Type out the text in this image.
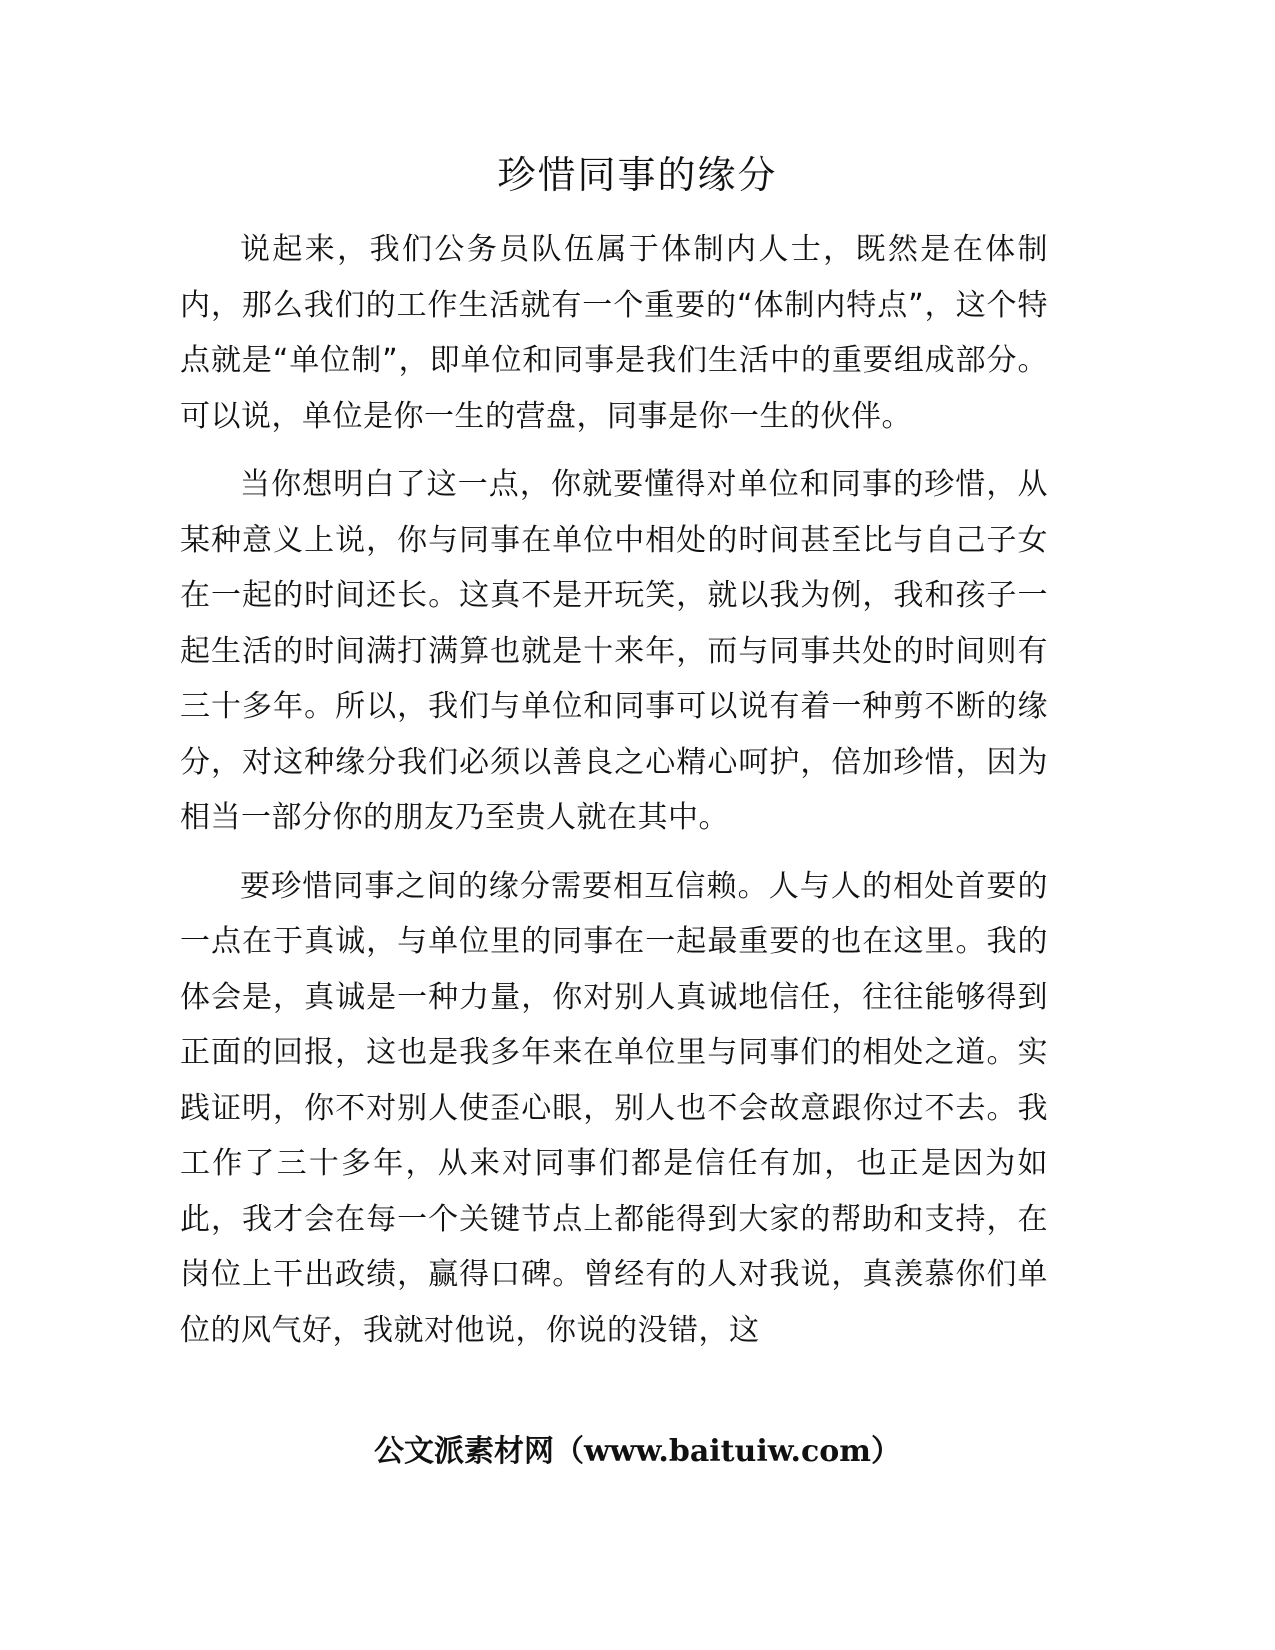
珍惜同事的缘分

说起来，我们公务员队伍属于体制内人士，既然是在体制内，那么我们的工作生活就有一个重要的“体制内特点”，这个特点就是“单位制”，即单位和同事是我们生活中的重要组成部分。可以说，单位是你一生的营盘，同事是你一生的伙伴。

当你想明白了这一点，你就要懂得对单位和同事的珍惜，从某种意义上说，你与同事在单位中相处的时间甚至比与自己子女在一起的时间还长。这真不是开玩笑，就以我为例，我和孩子一起生活的时间满打满算也就是十来年，而与同事共处的时间则有三十多年。所以，我们与单位和同事可以说有着一种剪不断的缘分，对这种缘分我们必须以善良之心精心呵护，倍加珍惜，因为相当一部分你的朋友乃至贵人就在其中。

要珍惜同事之间的缘分需要相互信赖。人与人的相处首要的一点在于真诚，与单位里的同事在一起最重要的也在这里。我的体会是，真诚是一种力量，你对别人真诚地信任，往往能够得到正面的回报，这也是我多年来在单位里与同事们的相处之道。实践证明，你不对别人使歪心眼，别人也不会故意跟你过不去。我工作了三十多年，从来对同事们都是信任有加，也正是因为如此，我才会在每一个关键节点上都能得到大家的帮助和支持，在岗位上干出政绩，赢得口碑。曾经有的人对我说，真羡慕你们单位的风气好，我就对他说，你说的没错，这

公文派素材网（www.baituiw.com）
